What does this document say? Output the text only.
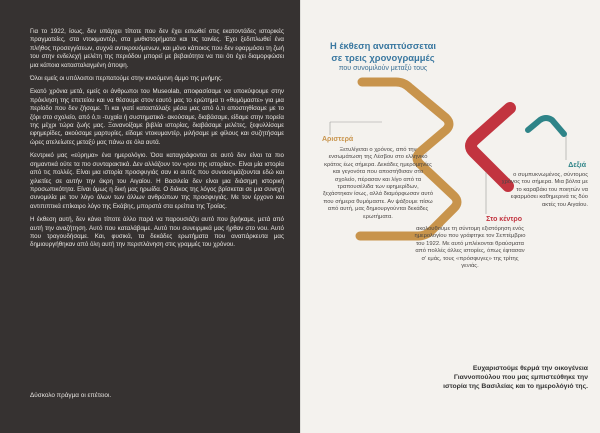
Για το 1922, ίσως, δεν υπάρχει τίποτε που δεν έχει ειπωθεί στις εκατοντάδες ιστορικές πραγματείες, στα ντοκιμαντέρ, στα μυθιστορήματα και τις ταινίες. Έχει ξεδιπλωθεί ένα πλήθος προσεγγίσεων, συχνά αντικρουόμενων, και μόνο κάποιος που δεν εφαρμόσει τη ζωή του στην ενδελεχή μελέτη της περιόδου μπορεί με βεβαιότητα να πει ότι έχει διαμορφώσει μια κάποια κατασταλαγμένη άποψη.

Όλοι εμείς οι υπόλοιποι περπατούμε στην κινούμενη άμμο της μνήμης.

Εκατό χρόνια μετά, εμείς οι άνθρωποι του Museolab, αποφασίσαμε να υποκύψουμε στην πρόκληση της επετείου και να θέσουμε στον εαυτό μας το ερώτημα τι «θυμόμαστε» για μια περίοδο που δεν ζήσαμε. Τι και γιατί καταστάλαξε μέσα μας από ό,τι αποστηθίσαμε με το ζόρι στο σχολείο, από ό,τι -τυχαία ή συστηματικά- ακούσαμε, διαβάσαμε, είδαμε στην πορεία της μέχρι τώρα ζωής μας. Ξανανοίξαμε βιβλία ιστορίας, διαβάσαμε μελέτες, ξεφυλλίσαμε εφημερίδες, ακούσαμε μαρτυρίες, είδαμε ντοκυμαντέρ, μιλήσαμε με φίλους και συζητήσαμε ώρες ατελείωτες μεταξύ μας πάνω σε όλα αυτά.

Κεντρικό μας «εύρημα» ένα ημερολόγιο. Όσα καταγράφονται σε αυτό δεν είναι τα πιο σημαντικά ούτε τα πιο συνταρακτικά. Δεν αλλάζουν τον «ρου της ιστορίας». Είναι μία ιστορία από τις πολλές. Είναι μια ιστορία προσφυγιάς σαν κι αυτές που συνουσιμάζουνται εδώ και χιλιετίες σε αυτήν την άκρη του Αιγαίου. Η Βασιλεία δεν είναι μια διάσημη ιστορική προσωπικότητα. Είναι όμως η δική μας ηρωίδα. Ο διάκος της λόγος βρίσκεται σε μια συνεχή συνομιλία με τον λόγο όλων των άλλων ανθρώπων της προσφυγιάς. Με τον έρχονο και αντιπιπτικά επίκαιρο λόγο της Εκάβης, μπορστά στα ερείπια της Τροίας.

Η έκθεση αυτή, δεν κάνει τίποτε άλλο παρά να παρουσιάζει αυτό που βρήκαμε, μετά από αυτή την αναζήτηση. Αυτό που καταλάβαμε. Αυτό που συνειρμικά μας ήρθαν στο νου. Αυτό που τραγουδήσαμε. Και, φυσικά, τα δεκάδες ερωτήματα που αναπάρκευτα μας δημιουργήθηκαν από όλη αυτή την περιπλάνηση στις γραμμές του χρόνου.

Δύσκολο πράγμα οι επέτειοι.
Η έκθεση αναπτύσσεται
σε τρεις χρονογραμμές
που συνομιλούν μεταξύ τους
Αριστερά
Ξετυλίγεται ο χρόνος, από την ενσωμάτωση της Λέσβου στο ελληνικό κράτος έως σήμερα. Δεκάδες ημερομηνίες και γεγονότα που αποστήθισαν στο σχολείο, πέρασαν και λίγο από τα τραπουσέλιδα των εφημερίδων, ξεχάστηκαν ίσως, αλλά διαμόρφωσαν αυτό που σήμερα θυμόμαστε. Αν ψάξουμε πίσω από αυτή, μας δημιουργούνται δεκάδες ερωτήματα.	Στο κέντρο
ακολουθούμε τη σύντομη εξιστόρηση ενός ημερολογίου που γράφτηκε τον Σεπτέμβριο του 1922. Με αυτό μπλέκονται θραύσματα από πολλές άλλες ιστορίες, όπως έφτασαν σ' εμάς, τους «πρόσφυγες» της τρίτης γενιάς.
Δεξιά
ο συμπυκνωμένος, σύντομος χρόνος του σήμερα. Μια βόλτα με το καραβάκι του ποιητών να εφαρμόσει καθημερινά τις δύο ακτές του Αιγαίου.
Ευχαριστούμε θερμά την οικογένεια Γιαννοπούλου που μας εμπιστεύθηκε την ιστορία της Βασιλείας και το ημερολόγιό της.
